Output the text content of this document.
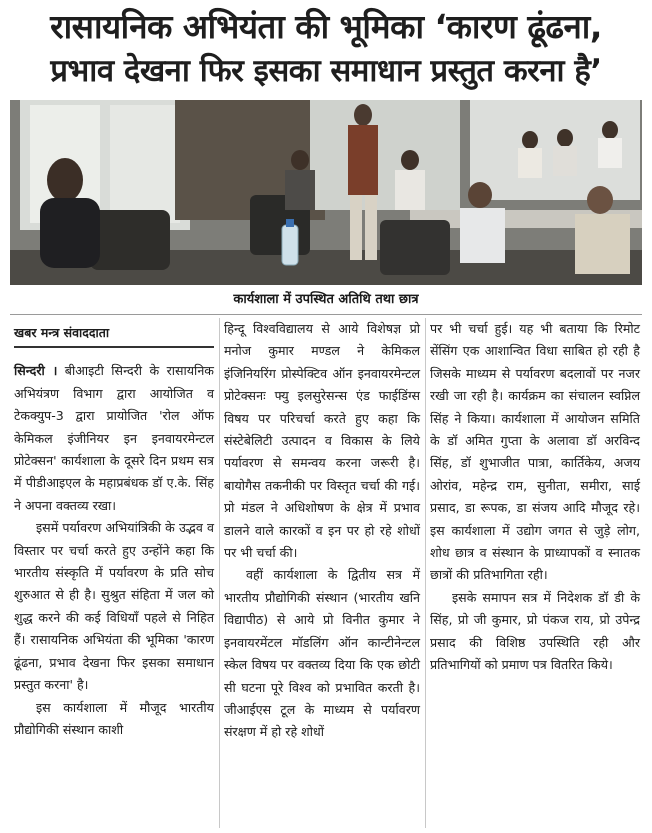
रासायनिक अभियंता की भूमिका ‘कारण ढूंढना,
प्रभाव देखना फिर इसका समाधान प्रस्तुत करना है’
कार्यशाला में उपस्थित अतिथि तथा छात्र
खबर मन्त्र संवाददाता

सिन्दरी । बीआइटी सिन्दरी के रासायनिक अभियंत्रण विभाग द्वारा आयोजित व टेकक्युप-3 द्वारा प्रायोजित 'रोल ऑफ केमिकल इंजीनियर इन इनवायरमेन्टल प्रोटेक्सन' कार्यशाला के दूसरे दिन प्रथम सत्र में पीडीआइएल के महाप्रबंधक डॉ ए.के. सिंह ने अपना वक्तव्य रखा।

इसमें पर्यावरण अभियांत्रिकी के उद्भव व विस्तार पर चर्चा करते हुए उन्होंने कहा कि भारतीय संस्कृति में पर्यावरण के प्रति सोच शुरुआत से ही है। सुश्रुत संहिता में जल को शुद्ध करने की कई विधियाँ पहले से निहित हैं। रासायनिक अभियंता की भूमिका 'कारण ढूंढना, प्रभाव देखना फिर इसका समाधान प्रस्तुत करना' है।

इस कार्यशाला में मौजूद भारतीय प्रौद्योगिकी संस्थान काशी

हिन्दू विश्वविद्यालय से आये विशेषज्ञ प्रो मनोज कुमार मण्डल ने केमिकल इंजिनियरिंग प्रोस्पेक्टिव ऑन इनवायरमेन्टल प्रोटेक्सनः फ्यु इलसुरेसन्स एंड फाईडिंग्स विषय पर परिचर्चा करते हुए कहा कि संस्टेबेलिटी उत्पादन व विकास के लिये पर्यावरण से समन्वय करना जरूरी है। बायोगैस तकनीकी पर विस्तृत चर्चा की गई। प्रो मंडल ने अधिशोषण के क्षेत्र में प्रभाव डालने वाले कारकों व इन पर हो रहे शोधों पर भी चर्चा की।

वहीं कार्यशाला के द्वितीय सत्र में भारतीय प्रौद्योगिकी संस्थान (भारतीय खनि विद्यापीठ) से आये प्रो विनीत कुमार ने इनवायरमेंटल मॉडलिंग ऑन कान्टीनेन्टल स्केल विषय पर वक्तव्य दिया कि एक छोटी सी घटना पूरे विश्व को प्रभावित करती है। जीआईएस टूल के माध्यम से पर्यावरण संरक्षण में हो रहे शोधों

पर भी चर्चा हुई। यह भी बताया कि रिमोट सेंसिंग एक आशान्वित विधा साबित हो रही है जिसके माध्यम से पर्यावरण बदलावों पर नजर रखी जा रही है। कार्यक्रम का संचालन स्वप्निल सिंह ने किया। कार्यशाला में आयोजन समिति के डॉ अमित गुप्ता के अलावा डॉ अरविन्द सिंह, डॉ शुभाजीत पात्रा, कार्तिकेय, अजय ओरांव, महेन्द्र राम, सुनीता, समीरा, साई प्रसाद, डा रूपक, डा संजय आदि मौजूद रहे। इस कार्यशाला में उद्योग जगत से जुड़े लोग, शोध छात्र व संस्थान के प्राध्यापकों व स्नातक छात्रों की प्रतिभागिता रही।

इसके समापन सत्र में निदेशक डॉ डी के सिंह, प्रो जी कुमार, प्रो पंकज राय, प्रो उपेन्द्र प्रसाद की विशिष्ठ उपस्थिति रही और प्रतिभागियों को प्रमाण पत्र वितरित किये।
